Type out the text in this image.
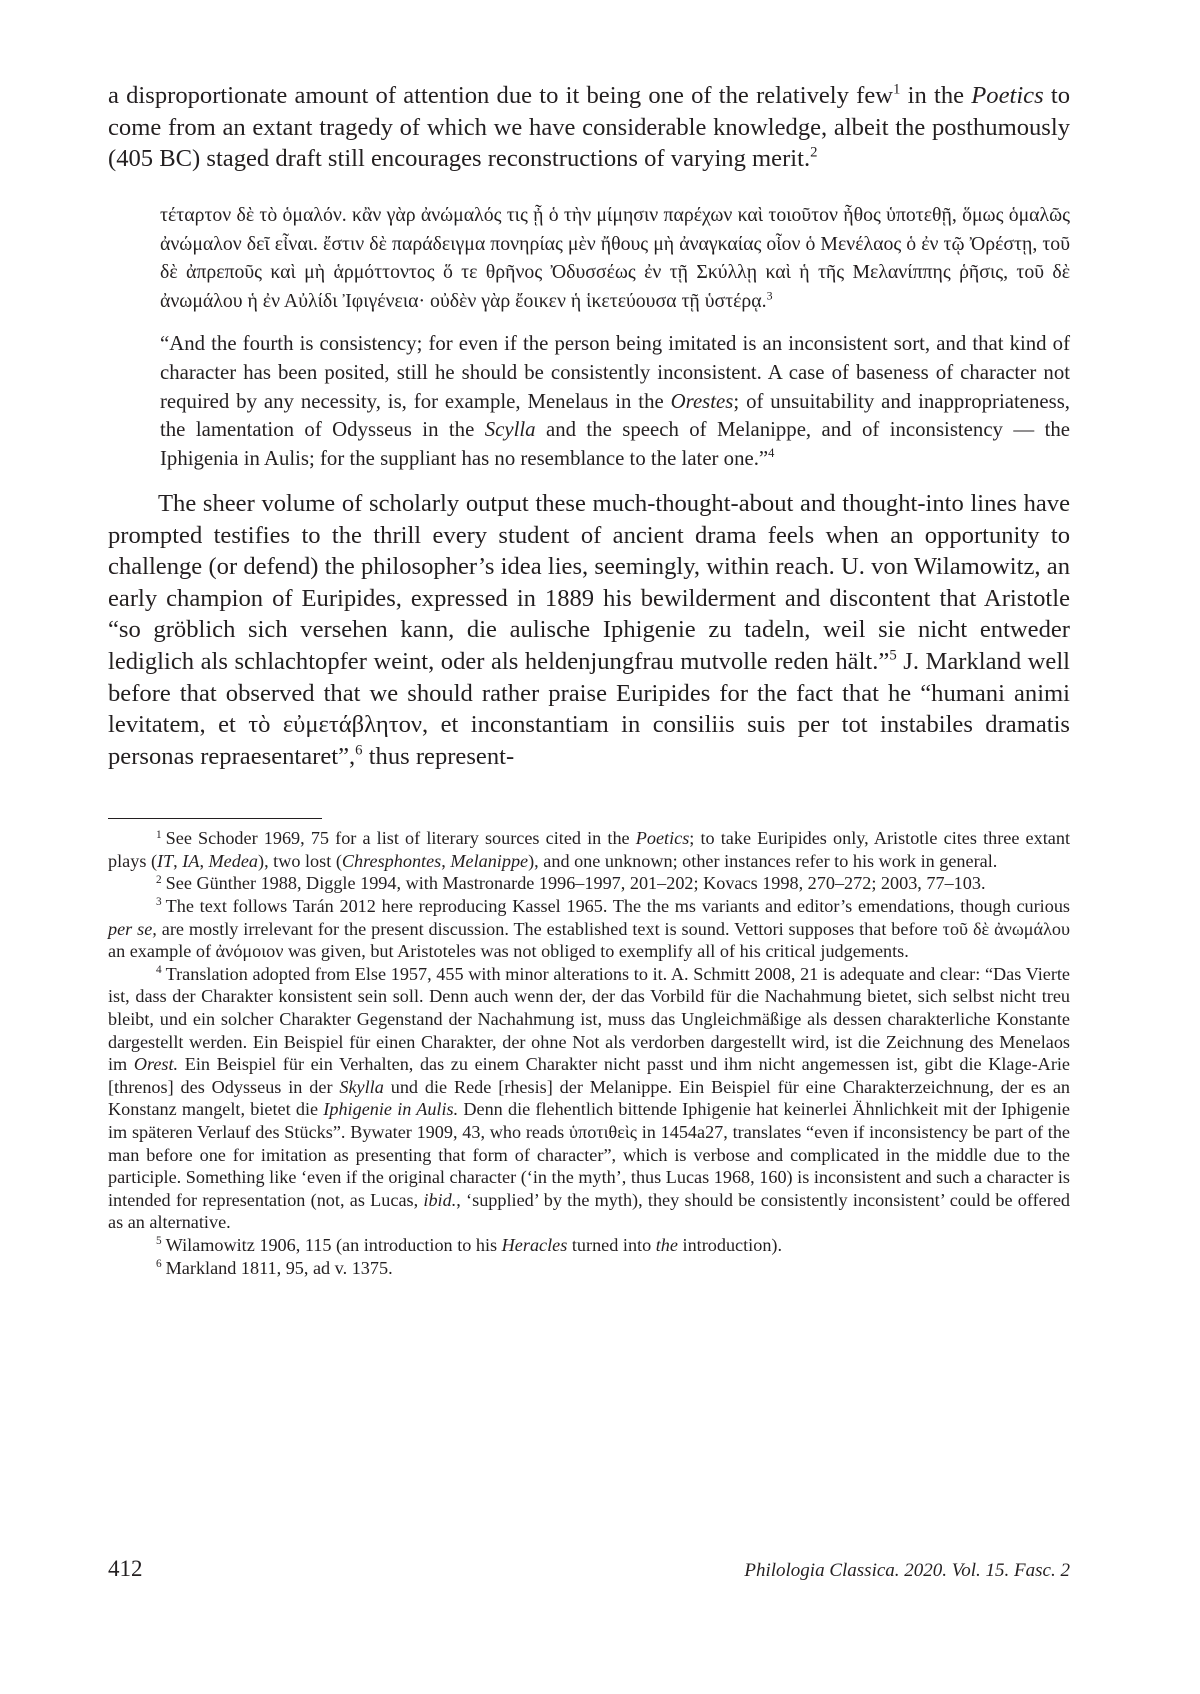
a disproportionate amount of attention due to it being one of the relatively few$^1$ in the Poetics to come from an extant tragedy of which we have considerable knowledge, albeit the posthumously (405 BC) staged draft still encourages reconstructions of varying merit.$^2$

τέταρτον δὲ τὸ ὁμαλόν. κἂν γὰρ ἀνώμαλός τις ᾖ ὁ τὴν μίμησιν παρέχων καὶ τοιοῦτον ἦθος ὑποτεθῇ, ὅμως ὁμαλῶς ἀνώμαλον δεῖ εἶναι. ἔστιν δὲ παράδειγμα πονηρίας μὲν ἤθους μὴ ἀναγκαίας οἷον ὁ Μενέλαος ὁ ἐν τῷ Ὀρέστῃ, τοῦ δὲ ἀπρεποῦς καὶ μὴ ἁρμόττοντος ὅ τε θρῆνος Ὀδυσσέως ἐν τῇ Σκύλλῃ καὶ ἡ τῆς Μελανίππης ῥῆσις, τοῦ δὲ ἀνωμάλου ἡ ἐν Αὐλίδι Ἰφιγένεια· οὐδὲν γὰρ ἔοικεν ἡ ἱκετεύουσα τῇ ὑστέρᾳ.$^3$

“And the fourth is consistency; for even if the person being imitated is an inconsistent sort, and that kind of character has been posited, still he should be consistently inconsistent. A case of baseness of character not required by any necessity, is, for example, Menelaus in the Orestes; of unsuitability and inappropriateness, the lamentation of Odysseus in the Scylla and the speech of Melanippe, and of inconsistency — the Iphigenia in Aulis; for the suppliant has no resemblance to the later one.”$^4$

The sheer volume of scholarly output these much-thought-about and thought-into lines have prompted testifies to the thrill every student of ancient drama feels when an opportunity to challenge (or defend) the philosopher’s idea lies, seemingly, within reach. U. von Wilamowitz, an early champion of Euripides, expressed in 1889 his bewilderment and discontent that Aristotle “so gröblich sich versehen kann, die aulische Iphigenie zu tadeln, weil sie nicht entweder lediglich als schlachtopfer weint, oder als heldenjungfrau mutvolle reden hält.”$^5$ J. Markland well before that observed that we should rather praise Euripides for the fact that he “humani animi levitatem, et τὸ εὐμετάβλητον, et inconstantiam in consiliis suis per tot instabiles dramatis personas repraesentaret”,$^6$ thus represent-

$^1$ See Schoder 1969, 75 for a list of literary sources cited in the Poetics; to take Euripides only, Aristotle cites three extant plays (IT, IA, Medea), two lost (Chresphontes, Melanippe), and one unknown; other instances refer to his work in general.

$^2$ See Günther 1988, Diggle 1994, with Mastronarde 1996–1997, 201–202; Kovacs 1998, 270–272; 2003, 77–103.

$^3$ The text follows Tarán 2012 here reproducing Kassel 1965. The the ms variants and editor’s emendations, though curious per se, are mostly irrelevant for the present discussion. The established text is sound. Vettori supposes that before τοῦ δὲ ἀνωμάλου an example of ἀνόμοιον was given, but Aristoteles was not obliged to exemplify all of his critical judgements.

$^4$ Translation adopted from Else 1957, 455 with minor alterations to it. A. Schmitt 2008, 21 is adequate and clear: “Das Vierte ist, dass der Charakter konsistent sein soll. Denn auch wenn der, der das Vorbild für die Nachahmung bietet, sich selbst nicht treu bleibt, und ein solcher Charakter Gegenstand der Nachahmung ist, muss das Ungleichmäßige als dessen charakterliche Konstante dargestellt werden. Ein Beispiel für einen Charakter, der ohne Not als verdorben dargestellt wird, ist die Zeichnung des Menelaos im Orest. Ein Beispiel für ein Verhalten, das zu einem Charakter nicht passt und ihm nicht angemessen ist, gibt die Klage-Arie [threnos] des Odysseus in der Skylla und die Rede [rhesis] der Melanippe. Ein Beispiel für eine Charakterzeichnung, der es an Konstanz mangelt, bietet die Iphigenie in Aulis. Denn die flehentlich bittende Iphigenie hat keinerlei Ähnlichkeit mit der Iphigenie im späteren Verlauf des Stücks”. Bywater 1909, 43, who reads ὑποτιθεὶς in 1454a27, translates “even if inconsistency be part of the man before one for imitation as presenting that form of character”, which is verbose and complicated in the middle due to the participle. Something like ‘even if the original character (‘in the myth’, thus Lucas 1968, 160) is inconsistent and such a character is intended for representation (not, as Lucas, ibid., ‘supplied’ by the myth), they should be consistently inconsistent’ could be offered as an alternative.

$^5$ Wilamowitz 1906, 115 (an introduction to his Heracles turned into the introduction).

$^6$ Markland 1811, 95, ad v. 1375.

412	Philologia Classica. 2020. Vol. 15. Fasc. 2
